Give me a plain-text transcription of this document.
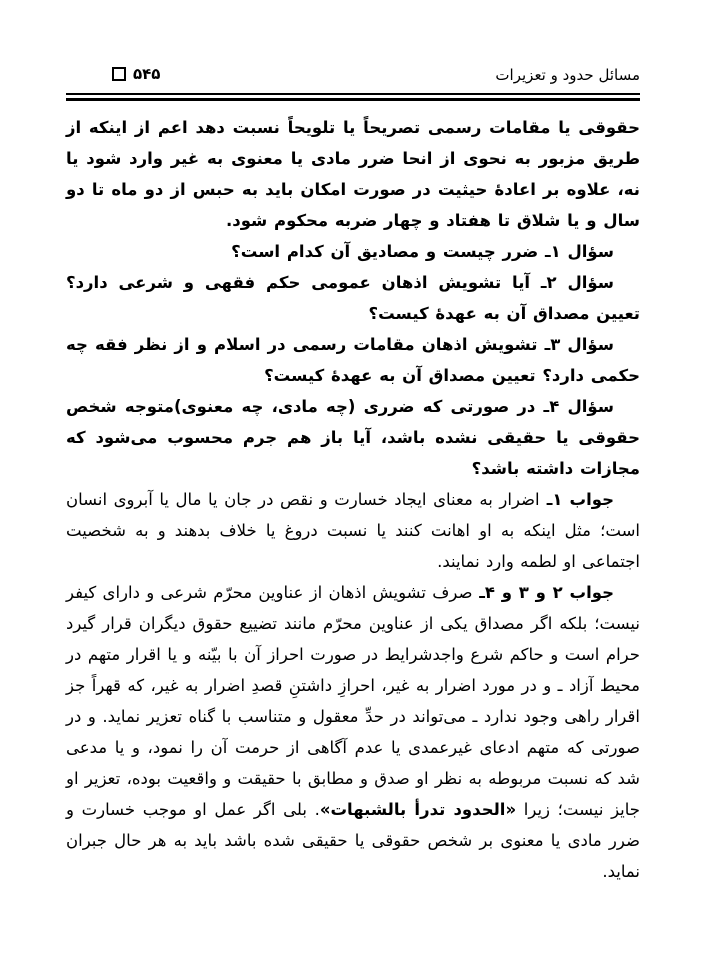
۵۴۵	مسائل حدود و تعزیرات

حقوقی یا مقامات رسمی تصریحاً یا تلویحاً نسبت دهد اعم از اینکه از طریق مزبور به نحوی از انحا ضرر مادی یا معنوی به غیر وارد شود یا نه، علاوه بر اعادهٔ حیثیت در صورت امکان باید به حبس از دو ماه تا دو سال و یا شلاق تا هفتاد و چهار ضربه محکوم شود.

سؤال ۱ـ ضرر چیست و مصادیق آن کدام است؟

سؤال ۲ـ آیا تشویش اذهان عمومی حکم فقهی و شرعی دارد؟ تعیین مصداق آن به عهدهٔ کیست؟

سؤال ۳ـ تشویش اذهان مقامات رسمی در اسلام و از نظر فقه چه حکمی دارد؟ تعیین مصداق آن به عهدهٔ کیست؟

سؤال ۴ـ در صورتی که ضرری (چه مادی، چه معنوی)متوجه شخص حقوقی یا حقیقی نشده باشد، آیا باز هم جرم محسوب می‌شود که مجازات داشته باشد؟

جواب ۱ـ اضرار به معنای ایجاد خسارت و نقص در جان یا مال یا آبروی انسان است؛ مثل اینکه به او اهانت کنند یا نسبت دروغ یا خلاف بدهند و به شخصیت اجتماعی او لطمه وارد نمایند.

جواب ۲ و ۳ و ۴ـ صرف تشویش اذهان از عناوین محرّم شرعی و دارای کیفر نیست؛ بلکه اگر مصداق یکی از عناوین محرّم مانند تضییع حقوق دیگران قرار گیرد حرام است و حاکم شرع واجدشرایط در صورت احراز آن با بیّنه و یا اقرار متهم در محیط آزاد ـ و در مورد اضرار به غیر، احرازِ داشتنِ قصدِ اضرار به غیر، که قهراً جز اقرار راهی وجود ندارد ـ می‌تواند در حدِّ معقول و متناسب با گناه تعزیر نماید. و در صورتی که متهم ادعای غیرعمدی یا عدم آگاهی از حرمت آن را نمود، و یا مدعی شد که نسبت مربوطه به نظر او صدق و مطابق با حقیقت و واقعیت بوده، تعزیر او جایز نیست؛ زیرا «الحدود تدرأ بالشبهات». بلی اگر عمل او موجب خسارت و ضرر مادی یا معنوی بر شخص حقوقی یا حقیقی شده باشد باید به هر حال جبران نماید.
